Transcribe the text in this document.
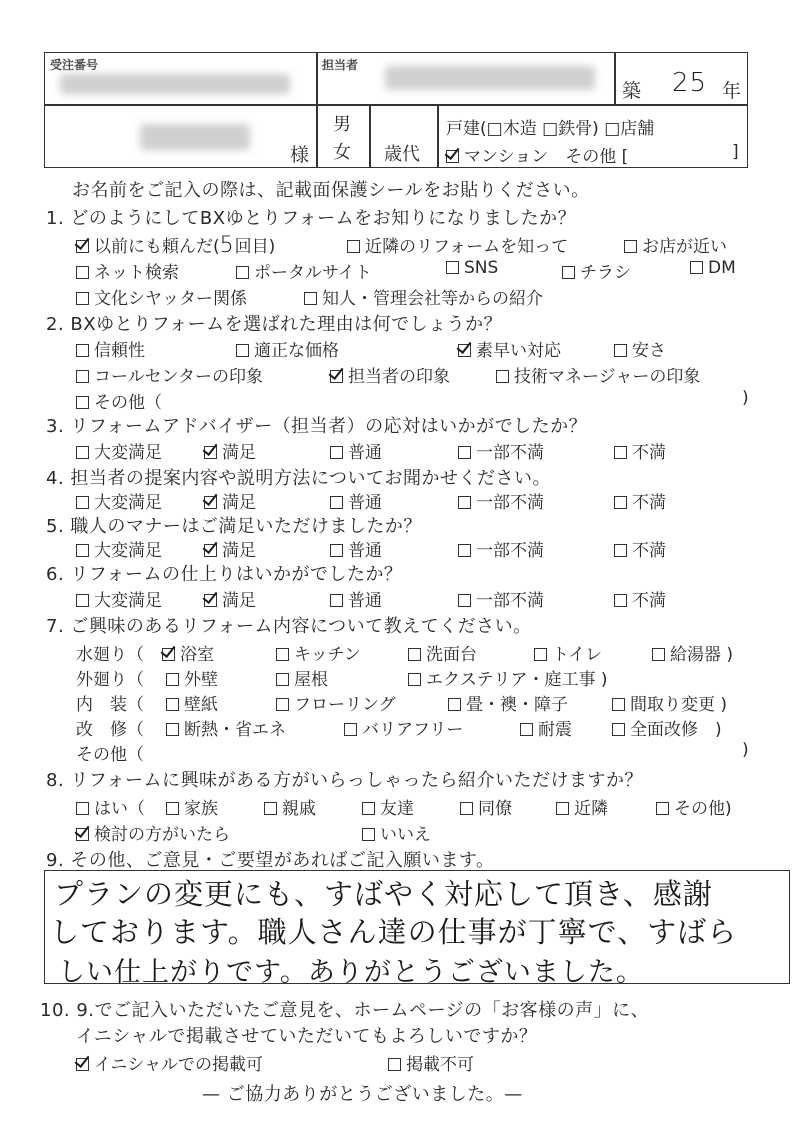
受注番号	担当者
築 25 年
様
男
女 歳代
戸建(□木造 □鉄骨) □店舗
マンション　 その他 [	]
お名前をご記入の際は、記載面保護シールをお貼りください。
1. どのようにしてBXゆとりフォームをお知りになりましたか？
以前にも頼んだ(5回目)	近隣のリフォームを知って	お店が近い
ネット検索	ポータルサイト	SNS	チラシ	DM
文化シヤッター関係	知人・管理会社等からの紹介
2. BXゆとりフォームを選ばれた理由は何でしょうか？
信頼性	適正な価格	素早い対応	安さ
コールセンターの印象	担当者の印象	技術マネージャーの印象
その他（	)
3. リフォームアドバイザー（担当者）の応対はいかがでしたか？
4. 担当者の提案内容や説明方法についてお聞かせください。
5. 職人のマナーはご満足いただけましたか？
6. リフォームの仕上りはいかがでしたか？
大変満足	満足	普通	一部不満	不満
大変満足	満足	普通	一部不満	不満
大変満足	満足	普通	一部不満	不満
大変満足	満足	普通	一部不満	不満
7. ご興味のあるリフォーム内容について教えてください。
水廻り（	浴室	キッチン	洗面台	トイレ	給湯器 )
外廻り（	外壁	屋根	エクステリア・庭工事 )
内　装（	壁紙	フローリング	畳・襖・障子	間取り変更 )
改　修（	断熱・省エネ	バリアフリー	耐震	全面改修　)
その他（	)
8. リフォームに興味がある方がいらっしゃったら紹介いただけますか？
はい（	家族	親戚	友達	同僚	近隣	その他)
検討の方がいたら	いいえ
9. その他、ご意見・ご要望があればご記入願います。
プランの変更にも、すばやく対応して頂き、感謝
しております。職人さん達の仕事が丁寧で、すばら
しい仕上がりです。ありがとうございました。
10. 9.でご記入いただいたご意見を、ホームページの「お客様の声」に、
イニシャルで掲載させていただいてもよろしいですか？
イニシャルでの掲載可	掲載不可
— ご協力ありがとうございました。—
